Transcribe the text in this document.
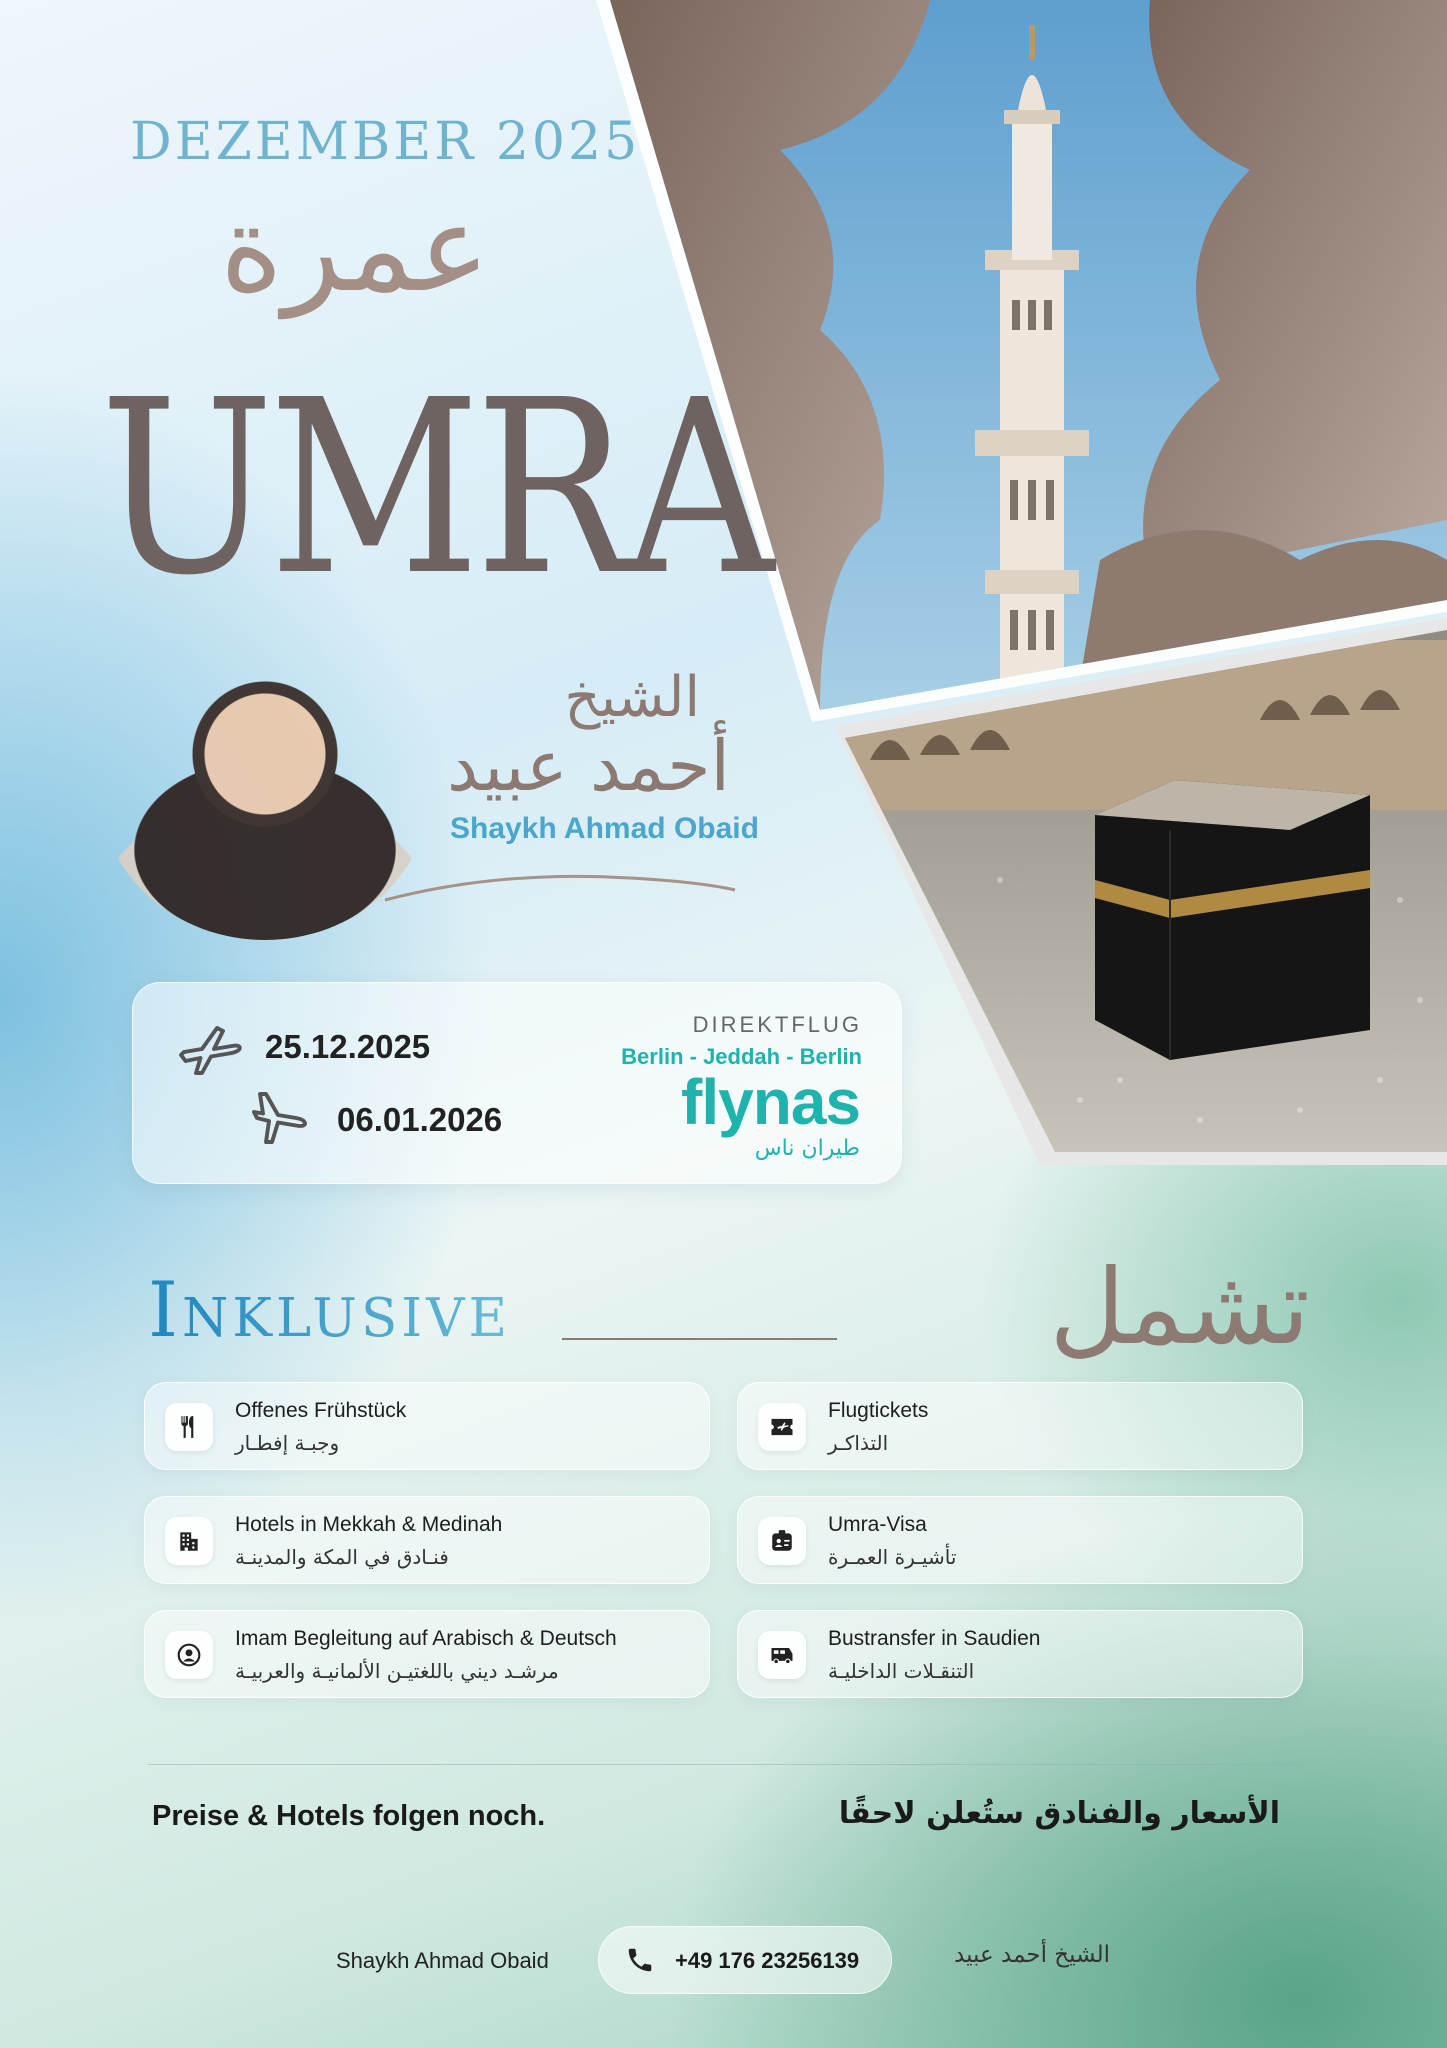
DEZEMBER 2025
عمرة
UMRA
الشيخ
أحمد عبيد
Shaykh Ahmad Obaid
25.12.2025
06.01.2026
DIREKTFLUG
Berlin - Jeddah - Berlin
flynas
طيران ناس
Inklusive	تشمل
Offenes Frühstück
وجبـة إفطـار
Flugtickets
التذاكـر
Hotels in Mekkah & Medinah
فنـادق في المكة والمدينـة
Umra-Visa
تأشيـرة العمـرة
Imam Begleitung auf Arabisch & Deutsch
مرشـد ديني باللغتيـن الألمانيـة والعربيـة
Bustransfer in Saudien
التنقـلات الداخليـة
Preise & Hotels folgen noch.	الأسعار والفنادق ستُعلن لاحقًا
Shaykh Ahmad Obaid	+49 176 23256139	الشيخ أحمد عبيد
